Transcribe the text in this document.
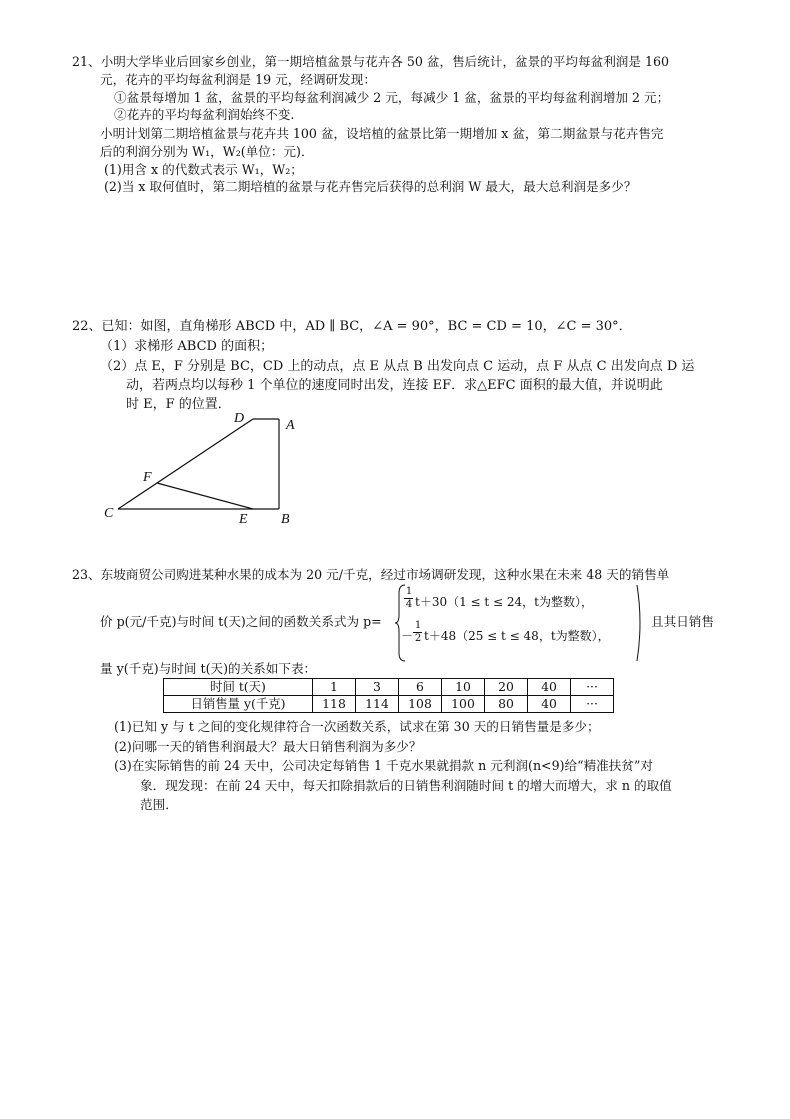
21、小明大学毕业后回家乡创业，第一期培植盆景与花卉各 50 盆，售后统计，盆景的平均每盆利润是 160
元，花卉的平均每盆利润是 19 元，经调研发现：
①盆景每增加 1 盆，盆景的平均每盆利润减少 2 元，每减少 1 盆，盆景的平均每盆利润增加 2 元；
②花卉的平均每盆利润始终不变.
小明计划第二期培植盆景与花卉共 100 盆，设培植的盆景比第一期增加 x 盆，第二期盆景与花卉售完
后的利润分别为 W₁，W₂(单位：元)．
(1)用含 x 的代数式表示 W₁，W₂；
(2)当 x 取何值时，第二期培植的盆景与花卉售完后获得的总利润 W 最大，最大总利润是多少？
22、已知：如图，直角梯形 ABCD 中，AD ∥ BC，∠A = 90°，BC = CD = 10，∠C = 30°．
（1）求梯形 ABCD 的面积；
（2）点 E，F 分别是 BC，CD 上的动点，点 E 从点 B 出发向点 C 运动，点 F 从点 C 出发向点 D 运
动，若两点均以每秒 1 个单位的速度同时出发，连接 EF．求△EFC 面积的最大值，并说明此
时 E，F 的位置．
D	A
F
C	E B
23、东坡商贸公司购进某种水果的成本为 20 元/千克，经过市场调研发现，这种水果在未来 48 天的销售单
价 p(元/千克)与时间 t(天)之间的函数关系式为 p=
1
4 t＋30（1 ≤ t ≤ 24，t为整数），
－
1
2 t＋48（25 ≤ t ≤ 48，t为整数），
且其日销售
量 y(千克)与时间 t(天)的关系如下表：
时间 t(天)	1	3	6	10	20	40	···
日销售量 y(千克)	118	114	108	100	80	40	···
(1)已知 y 与 t 之间的变化规律符合一次函数关系，试求在第 30 天的日销售量是多少；
(2)问哪一天的销售利润最大？最大日销售利润为多少？
(3)在实际销售的前 24 天中，公司决定每销售 1 千克水果就捐款 n 元利润(n<9)给“精准扶贫”对
象．现发现：在前 24 天中，每天扣除捐款后的日销售利润随时间 t 的增大而增大，求 n 的取值
范围．
